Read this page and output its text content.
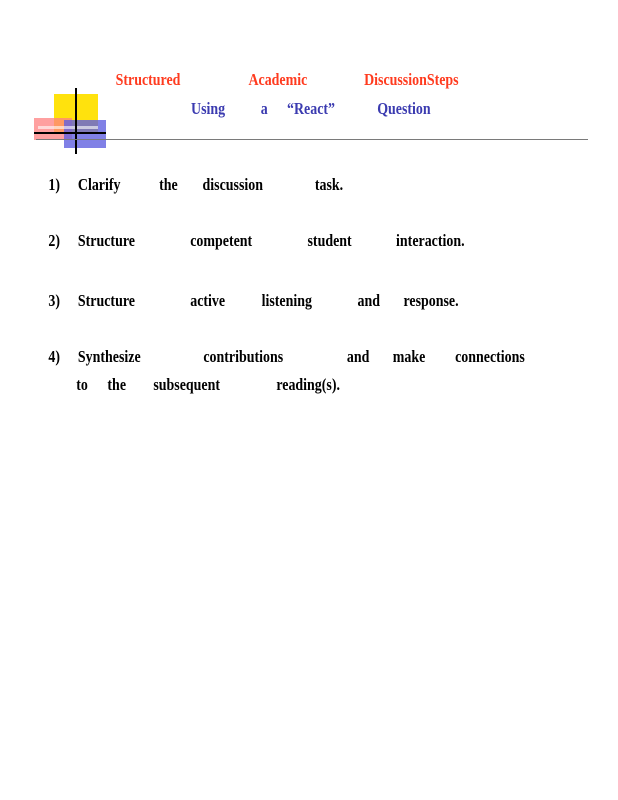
Structured	Academic	DiscussionSteps
Using a “React” Question
1) Clarify the discussion	task.
2) Structure	competent	student	interaction.
3) Structure	active listening	and response.
4) Synthesize	contributions	and make connections
to the subsequent	reading(s).
